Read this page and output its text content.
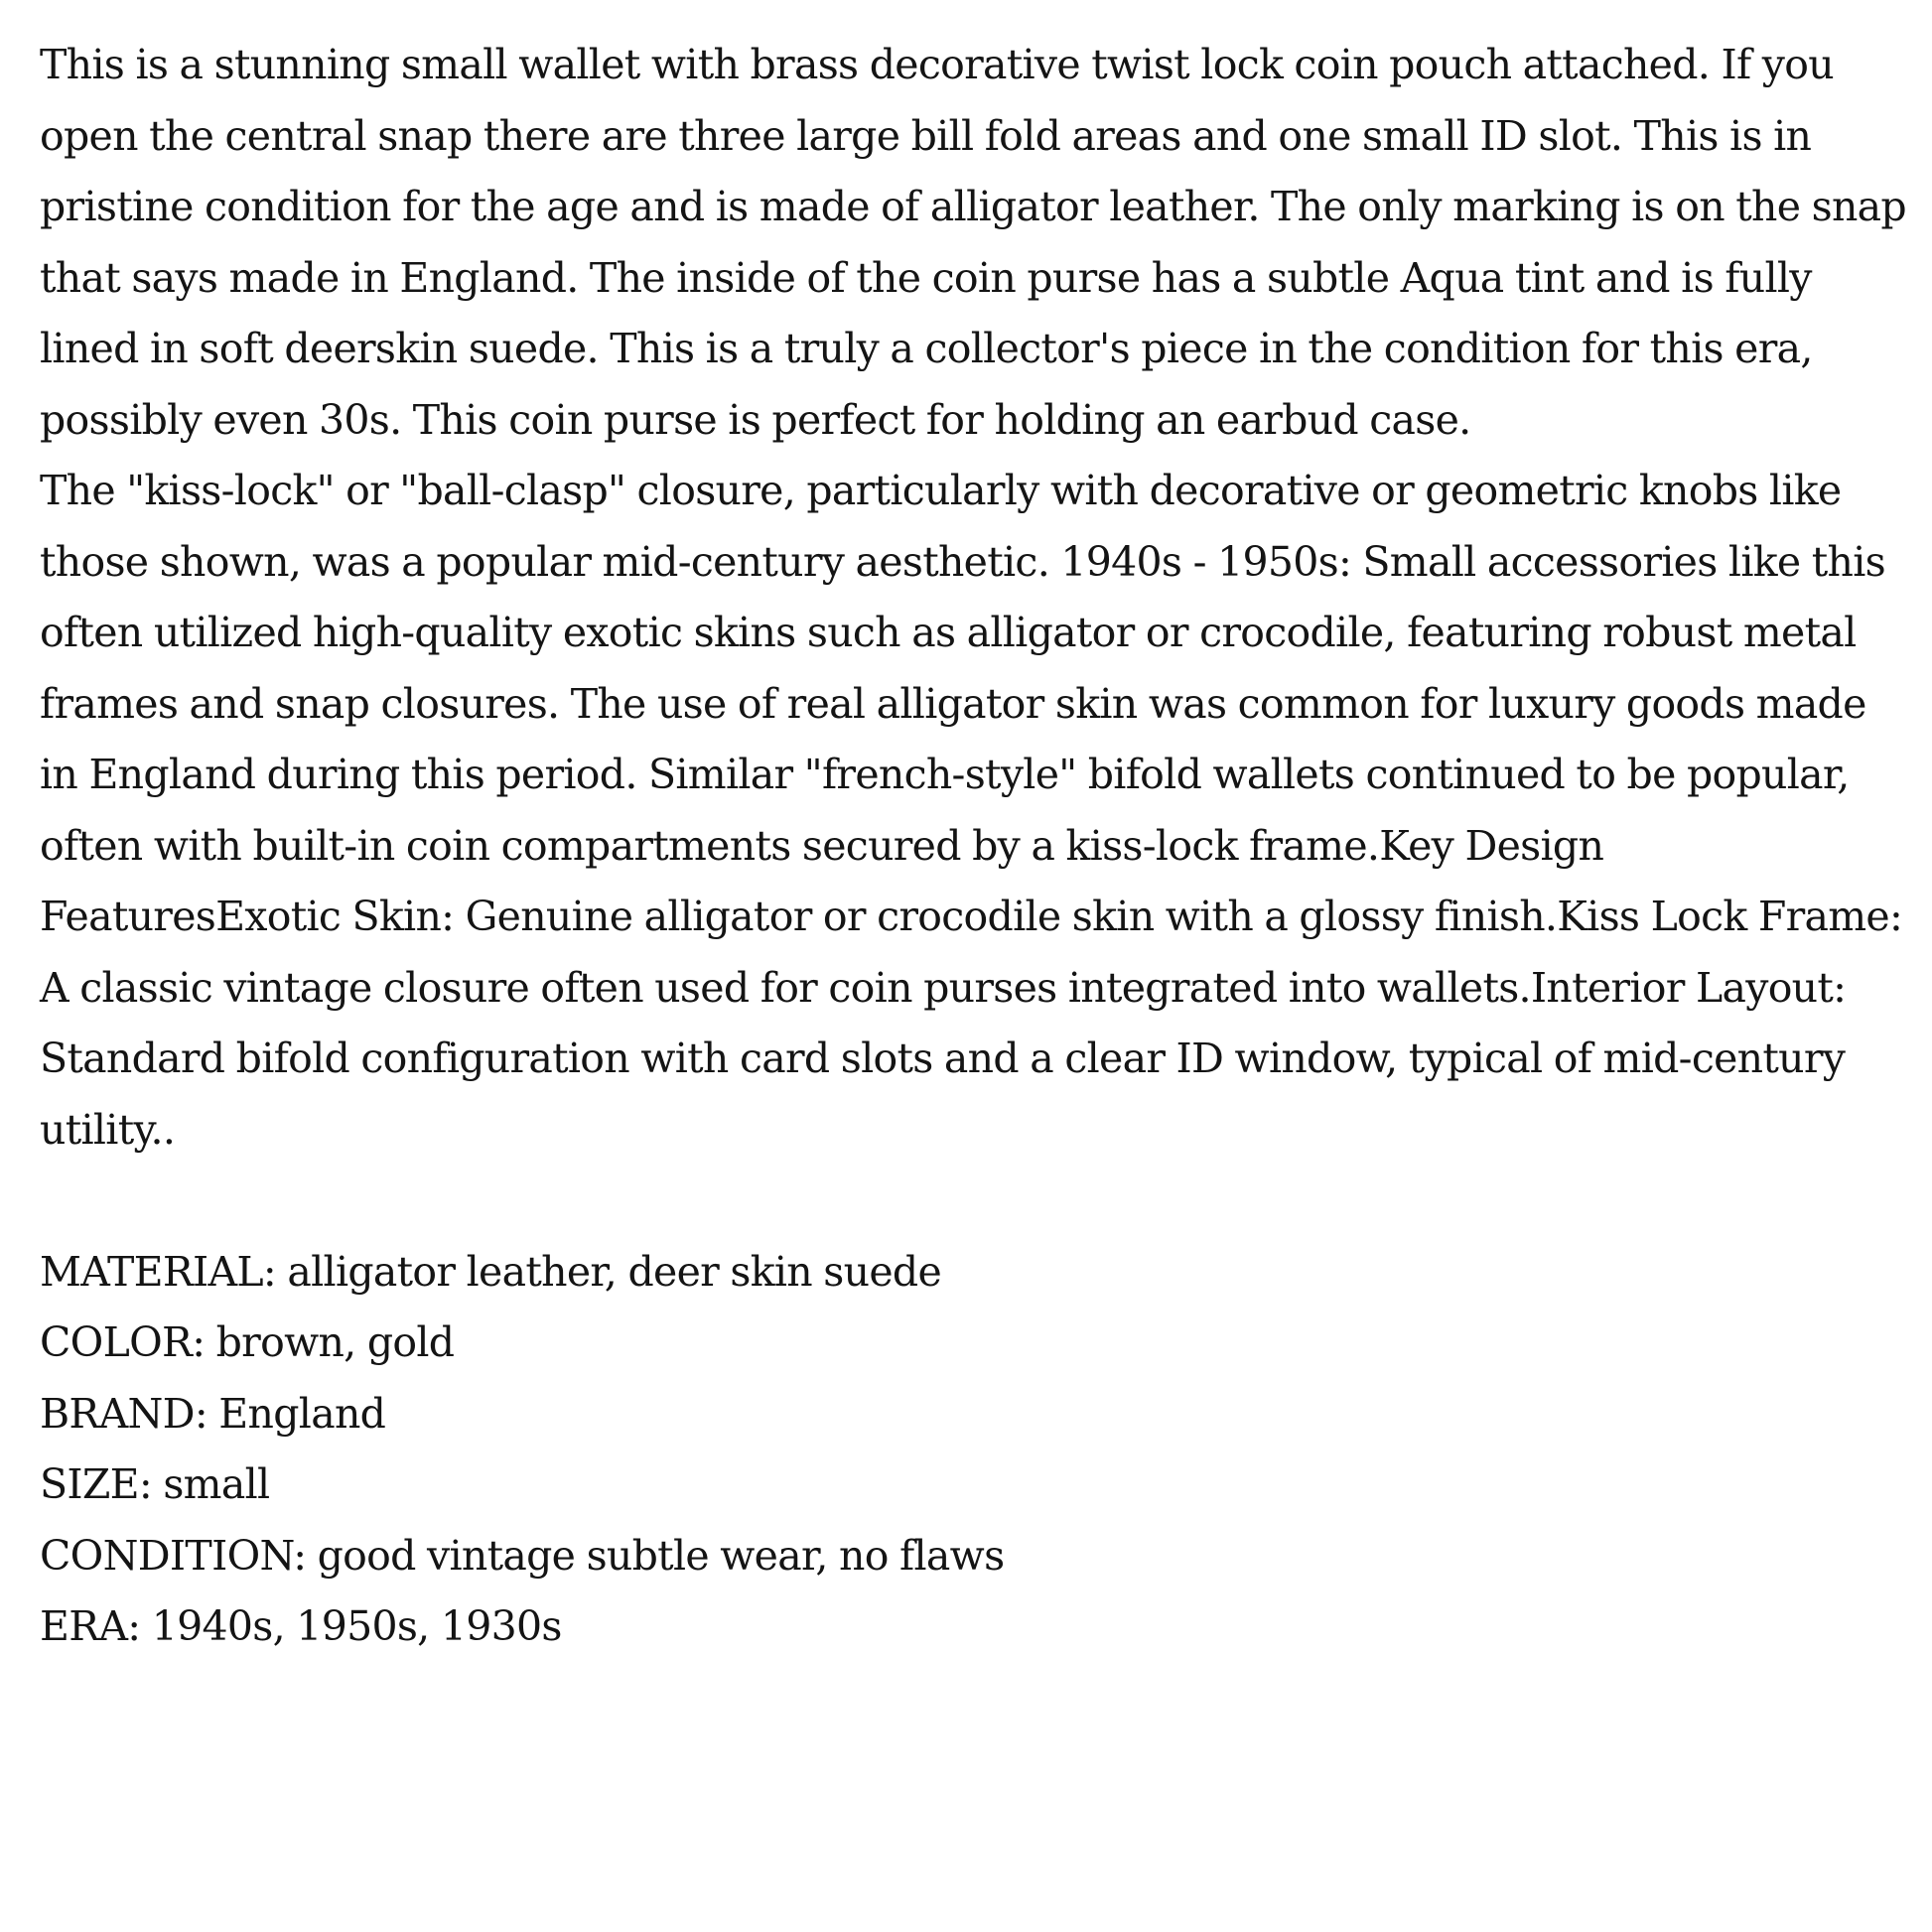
This is a stunning small wallet with brass decorative twist lock coin pouch attached. If you open the central snap there are three large bill fold areas and one small ID slot. This is in pristine condition for the age and is made of alligator leather. The only marking is on the snap that says made in England. The inside of the coin purse has a subtle Aqua tint and is fully lined in soft deerskin suede. This is a truly a collector's piece in the condition for this era, possibly even 30s. This coin purse is perfect for holding an earbud case.

The "kiss-lock" or "ball-clasp" closure, particularly with decorative or geometric knobs like those shown, was a popular mid-century aesthetic. 1940s - 1950s: Small accessories like this often utilized high-quality exotic skins such as alligator or crocodile, featuring robust metal frames and snap closures. The use of real alligator skin was common for luxury goods made in England during this period. Similar "french-style" bifold wallets continued to be popular, often with built-in coin compartments secured by a kiss-lock frame.Key Design FeaturesExotic Skin: Genuine alligator or crocodile skin with a glossy finish.Kiss Lock Frame: A classic vintage closure often used for coin purses integrated into wallets.Interior Layout: Standard bifold configuration with card slots and a clear ID window, typical of mid-century utility..

MATERIAL: alligator leather, deer skin suede
COLOR: brown, gold
BRAND: England
SIZE: small
CONDITION: good vintage subtle wear, no flaws
ERA: 1940s, 1950s, 1930s
